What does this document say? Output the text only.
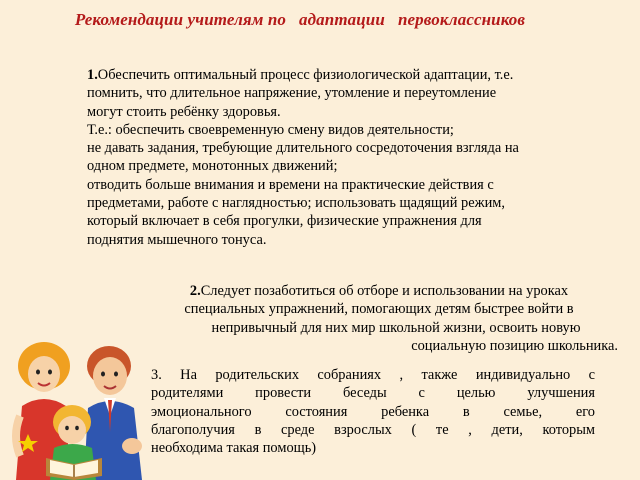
Рекомендации учителям по   адаптации   первоклассников
1.Обеспечить оптимальный процесс физиологической адаптации, т.е.
помнить, что длительное напряжение, утомление и переутомление
могут стоить ребёнку здоровья.
Т.е.: обеспечить своевременную смену видов деятельности;
не давать задания, требующие длительного сосредоточения взгляда на
одном предмете, монотонных движений;
отводить больше внимания и времени на практические действия с
предметами, работе с наглядностью; использовать щадящий режим,
который включает в себя прогулки, физические упражнения для
поднятия мышечного тонуса.
2.Следует позаботиться об отборе и использовании на уроках
специальных упражнений, помогающих детям быстрее войти в
непривычный для них мир школьной жизни, освоить новую
социальную позицию школьника.
3. На родительских собраниях , также индивидуально с
родителями провести беседы с целью улучшения
эмоционального состояния ребенка в семье, его
благополучия в среде взрослых ( те , дети, которым
необходима такая помощь)
